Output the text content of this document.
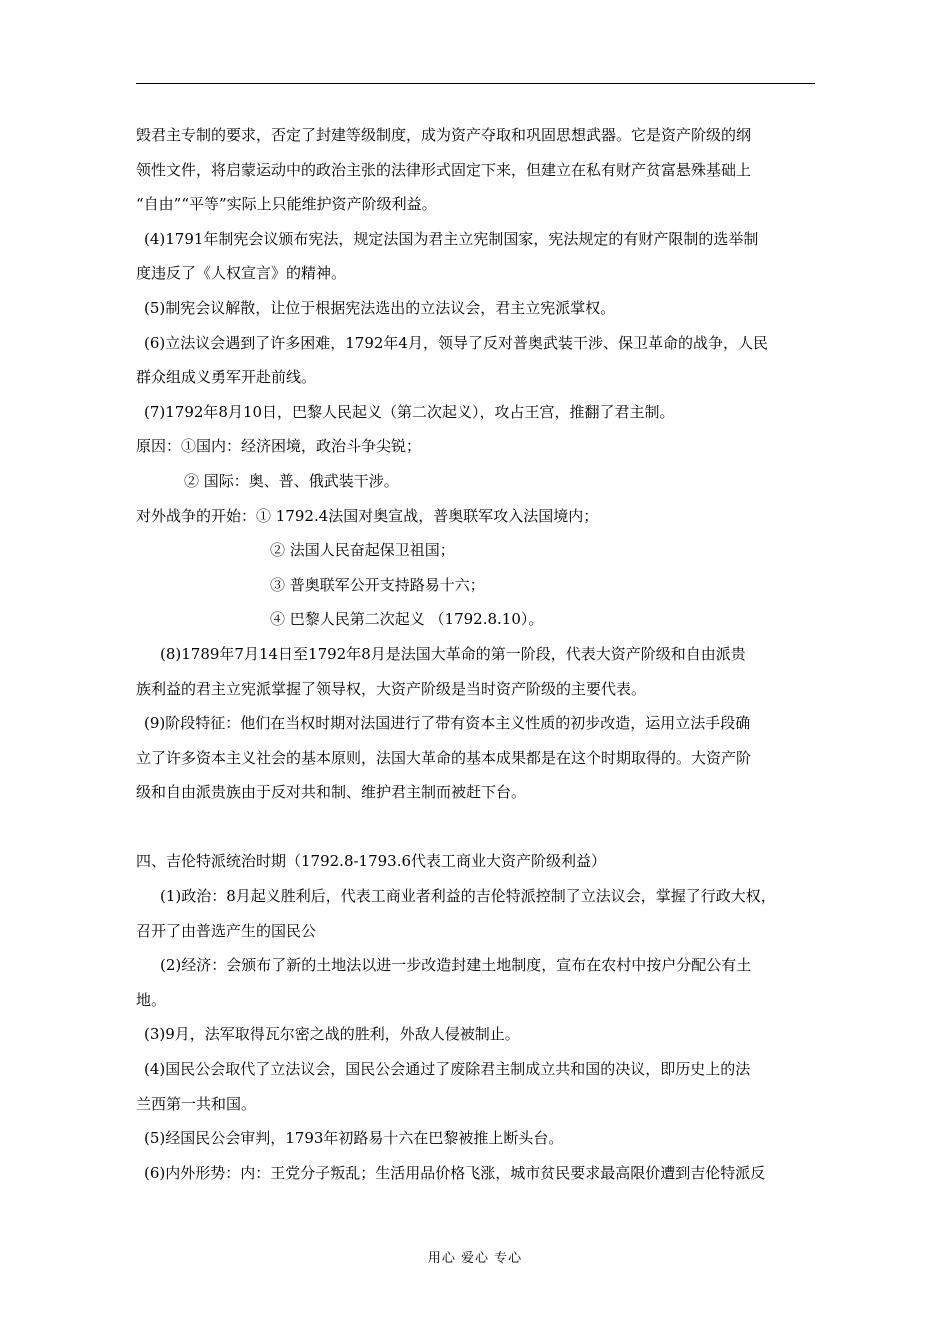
毁君主专制的要求，否定了封建等级制度，成为资产夺取和巩固思想武器。它是资产阶级的纲
领性文件，将启蒙运动中的政治主张的法律形式固定下来，但建立在私有财产贫富悬殊基础上
“自由”“平等”实际上只能维护资产阶级利益。
(4)1791年制宪会议颁布宪法，规定法国为君主立宪制国家，宪法规定的有财产限制的选举制
度违反了《人权宣言》的精神。
(5)制宪会议解散，让位于根据宪法选出的立法议会，君主立宪派掌权。
(6)立法议会遇到了许多困难，1792年4月，领导了反对普奥武装干涉、保卫革命的战争，人民
群众组成义勇军开赴前线。
(7)1792年8月10日，巴黎人民起义（第二次起义），攻占王宫，推翻了君主制。
原因：①国内：经济困境，政治斗争尖锐；
② 国际：奥、普、俄武装干涉。
对外战争的开始：① 1792.4法国对奥宣战，普奥联军攻入法国境内；
② 法国人民奋起保卫祖国；
③ 普奥联军公开支持路易十六；
④ 巴黎人民第二次起义 （1792.8.10）。
(8)1789年7月14日至1792年8月是法国大革命的第一阶段，代表大资产阶级和自由派贵
族利益的君主立宪派掌握了领导权，大资产阶级是当时资产阶级的主要代表。
(9)阶段特征：他们在当权时期对法国进行了带有资本主义性质的初步改造，运用立法手段确
立了许多资本主义社会的基本原则，法国大革命的基本成果都是在这个时期取得的。大资产阶
级和自由派贵族由于反对共和制、维护君主制而被赶下台。
四、吉伦特派统治时期（1792.8-1793.6代表工商业大资产阶级利益）
(1)政治：8月起义胜利后，代表工商业者利益的吉伦特派控制了立法议会，掌握了行政大权，
召开了由普选产生的国民公
(2)经济：会颁布了新的土地法以进一步改造封建土地制度，宣布在农村中按户分配公有土
地。
(3)9月，法军取得瓦尔密之战的胜利，外敌人侵被制止。
(4)国民公会取代了立法议会，国民公会通过了废除君主制成立共和国的决议，即历史上的法
兰西第一共和国。
(5)经国民公会审判，1793年初路易十六在巴黎被推上断头台。
(6)内外形势：内：王党分子叛乱；生活用品价格飞涨，城市贫民要求最高限价遭到吉伦特派反
用心 爱心 专心
